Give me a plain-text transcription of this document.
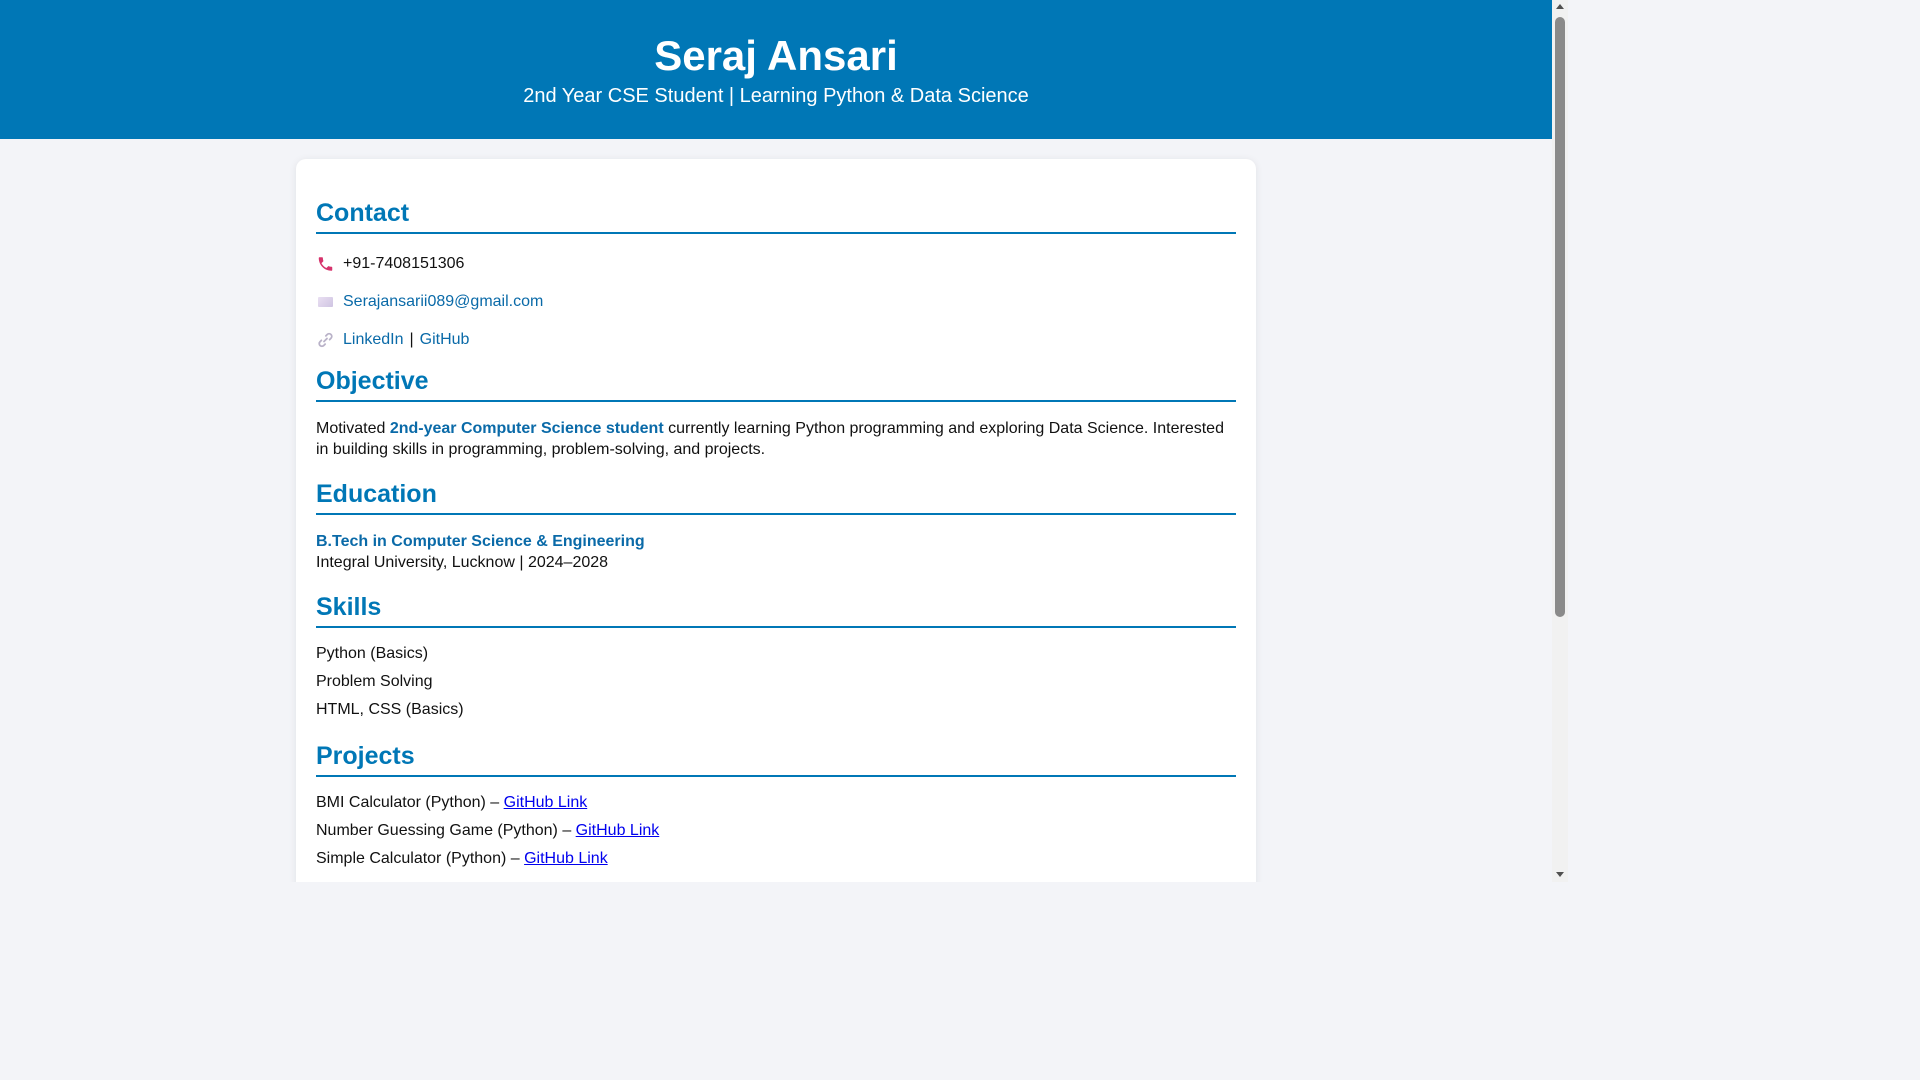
Seraj Ansari
2nd Year CSE Student | Learning Python & Data Science
Contact
+91-7408151306
Serajansarii089@gmail.com
LinkedIn | GitHub
Objective

Motivated 2nd-year Computer Science student currently learning Python programming and exploring Data Science. Interested in building skills in programming, problem-solving, and projects.

Education
B.Tech in Computer Science & Engineering
Integral University, Lucknow | 2024–2028
Skills
Python (Basics)
Problem Solving
HTML, CSS (Basics)
Projects
BMI Calculator (Python) – GitHub Link
Number Guessing Game (Python) – GitHub Link
Simple Calculator (Python) – GitHub Link
